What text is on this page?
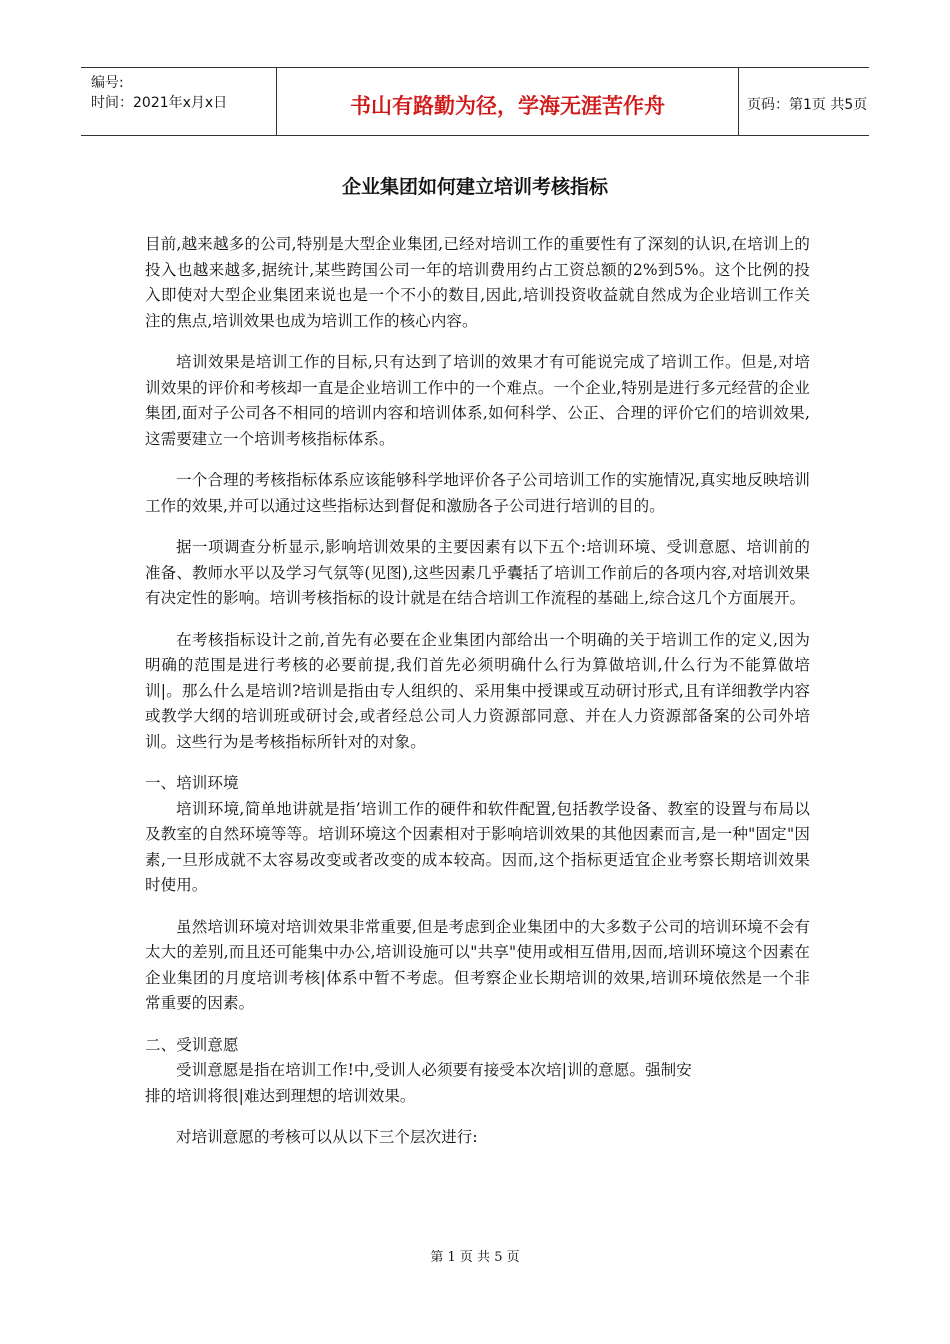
编号:
时间：2021年x月x日	书山有路勤为径，学海无涯苦作舟	页码：第1页 共5页
企业集团如何建立培训考核指标

目前,越来越多的公司,特别是大型企业集团,已经对培训工作的重要性有了深刻的认识,在培训上的投入也越来越多,据统计,某些跨国公司一年的培训费用约占工资总额的2%到5%。这个比例的投入即使对大型企业集团来说也是一个不小的数目,因此,培训投资收益就自然成为企业培训工作关注的焦点,培训效果也成为培训工作的核心内容。

培训效果是培训工作的目标,只有达到了培训的效果才有可能说完成了培训工作。但是,对培训效果的评价和考核却一直是企业培训工作中的一个难点。一个企业,特别是进行多元经营的企业集团,面对子公司各不相同的培训内容和培训体系,如何科学、公正、合理的评价它们的培训效果,这需要建立一个培训考核指标体系。

一个合理的考核指标体系应该能够科学地评价各子公司培训工作的实施情况,真实地反映培训工作的效果,并可以通过这些指标达到督促和激励各子公司进行培训的目的。

据一项调查分析显示,影响培训效果的主要因素有以下五个:培训环境、受训意愿、培训前的准备、教师水平以及学习气氛等(见图),这些因素几乎囊括了培训工作前后的各项内容,对培训效果有决定性的影响。培训考核指标的设计就是在结合培训工作流程的基础上,综合这几个方面展开。

在考核指标设计之前,首先有必要在企业集团内部给出一个明确的关于培训工作的定义,因为明确的范围是进行考核的必要前提,我们首先必须明确什么行为算做培训,什么行为不能算做培训|。那么什么是培训?培训是指由专人组织的、采用集中授课或互动研讨形式,且有详细教学内容或教学大纲的培训班或研讨会,或者经总公司人力资源部同意、并在人力资源部备案的公司外培训。这些行为是考核指标所针对的对象。

一、培训环境

培训环境,简单地讲就是指’培训工作的硬件和软件配置,包括教学设备、教室的设置与布局以及教室的自然环境等等。培训环境这个因素相对于影响培训效果的其他因素而言,是一种"固定"因素,一旦形成就不太容易改变或者改变的成本较高。因而,这个指标更适宜企业考察长期培训效果时使用。

虽然培训环境对培训效果非常重要,但是考虑到企业集团中的大多数子公司的培训环境不会有太大的差别,而且还可能集中办公,培训设施可以"共享"使用或相互借用,因而,培训环境这个因素在企业集团的月度培训考核|体系中暂不考虑。但考察企业长期培训的效果,培训环境依然是一个非常重要的因素。

二、受训意愿

受训意愿是指在培训工作!中,受训人必须要有接受本次培|训的意愿。强制安

排的培训将很|难达到理想的培训效果。

对培训意愿的考核可以从以下三个层次进行:

第 1 页 共 5 页
